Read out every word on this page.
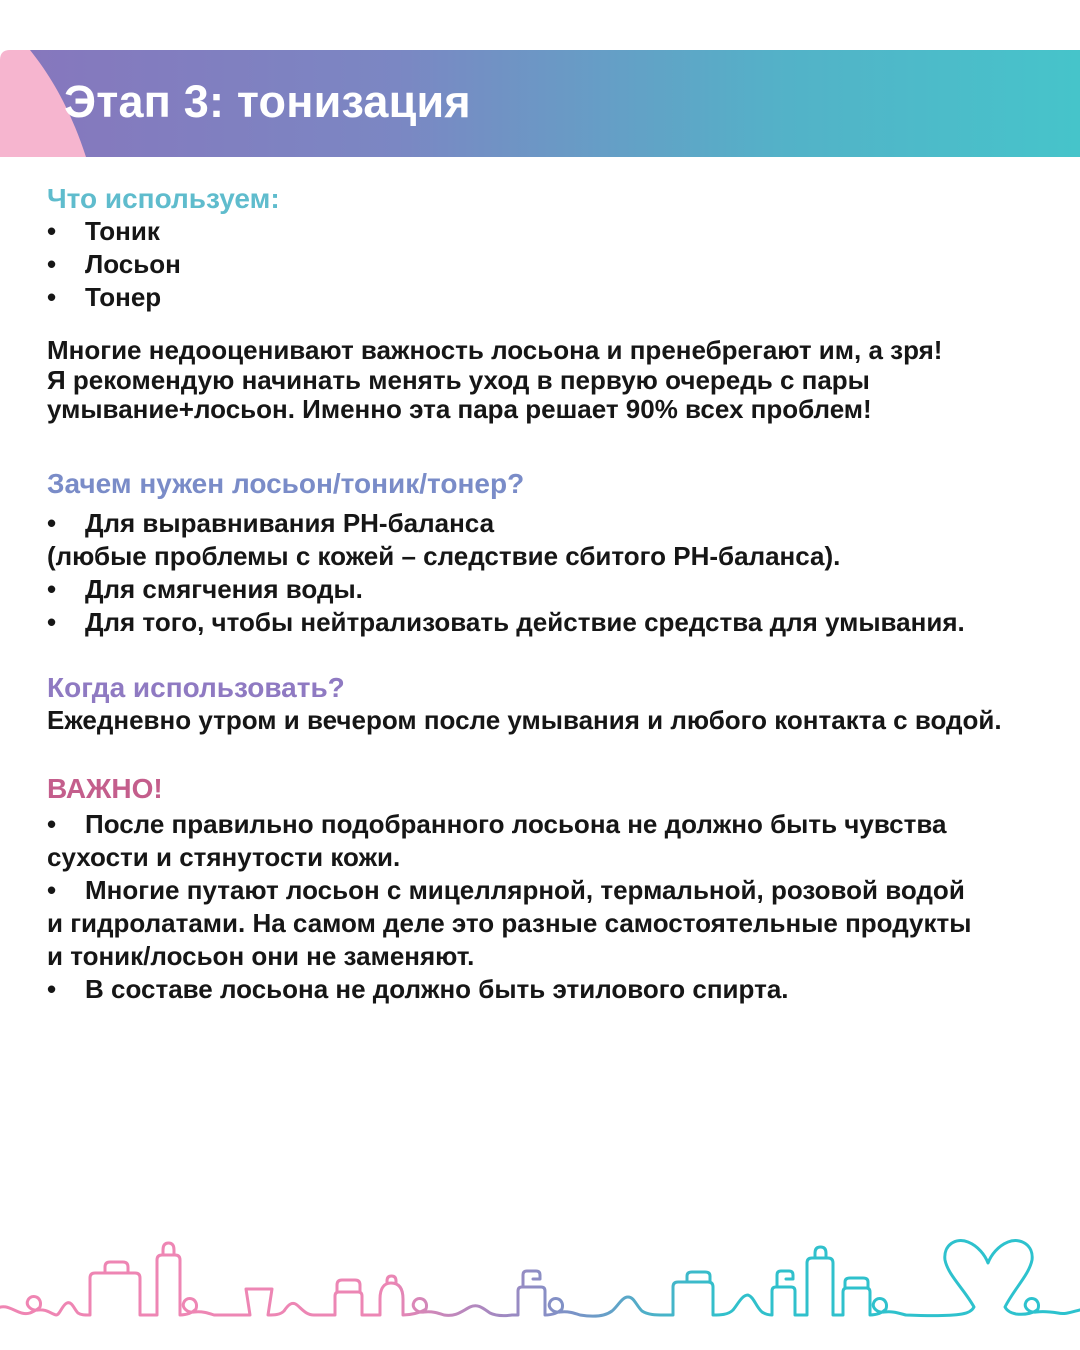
Этап 3: тонизация
Что используем:
•	Тоник
•	Лосьон
•	Тонер
Многие недооценивают важность лосьона и пренебрегают им, а зря!
Я рекомендую начинать менять уход в первую очередь с пары
умывание+лосьон. Именно эта пара решает 90% всех проблем!
Зачем нужен лосьон/тоник/тонер?
•	Для выравнивания PH-баланса
(любые проблемы с кожей – следствие сбитого PH-баланса).
•	Для смягчения воды.
•	Для того, чтобы нейтрализовать действие средства для умывания.
Когда использовать?
Ежедневно утром и вечером после умывания и любого контакта с водой.
ВАЖНО!
•	После правильно подобранного лосьона не должно быть чувства
сухости и стянутости кожи.
•	Многие путают лосьон с мицеллярной, термальной, розовой водой
и гидролатами. На самом деле это разные самостоятельные продукты
и тоник/лосьон они не заменяют.
•	В составе лосьона не должно быть этилового спирта.
